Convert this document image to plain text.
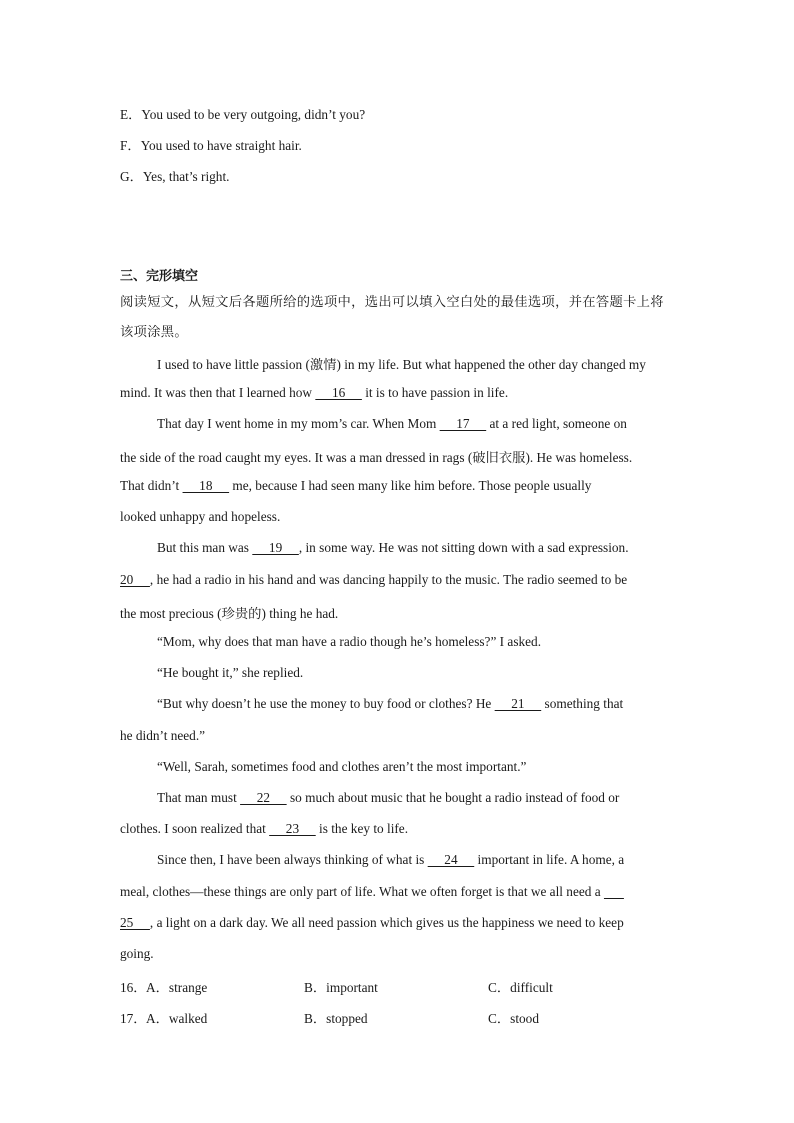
E．You used to be very outgoing, didn’t you?
F．You used to have straight hair.
G．Yes, that’s right.
三、完形填空
阅读短文，从短文后各题所给的选项中，选出可以填入空白处的最佳选项，并在答题卡上将
该项涂黑。
I used to have little passion (激情) in my life. But what happened the other day changed my
mind. It was then that I learned how      16      it is to have passion in life.
That day I went home in my mom’s car. When Mom      17      at a red light, someone on
the side of the road caught my eyes. It was a man dressed in rags (破旧衣服). He was homeless.
That didn’t      18      me, because I had seen many like him before. Those people usually
looked unhappy and hopeless.
But this man was      19     , in some way. He was not sitting down with a sad expression.
20     , he had a radio in his hand and was dancing happily to the music. The radio seemed to be
the most precious (珍贵的) thing he had.
“Mom, why does that man have a radio though he’s homeless?” I asked.
“He bought it,” she replied.
“But why doesn’t he use the money to buy food or clothes? He      21      something that
he didn’t need.”
“Well, Sarah, sometimes food and clothes aren’t the most important.”
That man must      22      so much about music that he bought a radio instead of food or
clothes. I soon realized that      23      is the key to life.
Since then, I have been always thinking of what is      24      important in life. A home, a
meal, clothes—these things are only part of life. What we often forget is that we all need a
25     , a light on a dark day. We all need passion which gives us the happiness we need to keep
going.
16． A．strange	B．important	C．difficult
17． A．walked	B．stopped	C．stood
